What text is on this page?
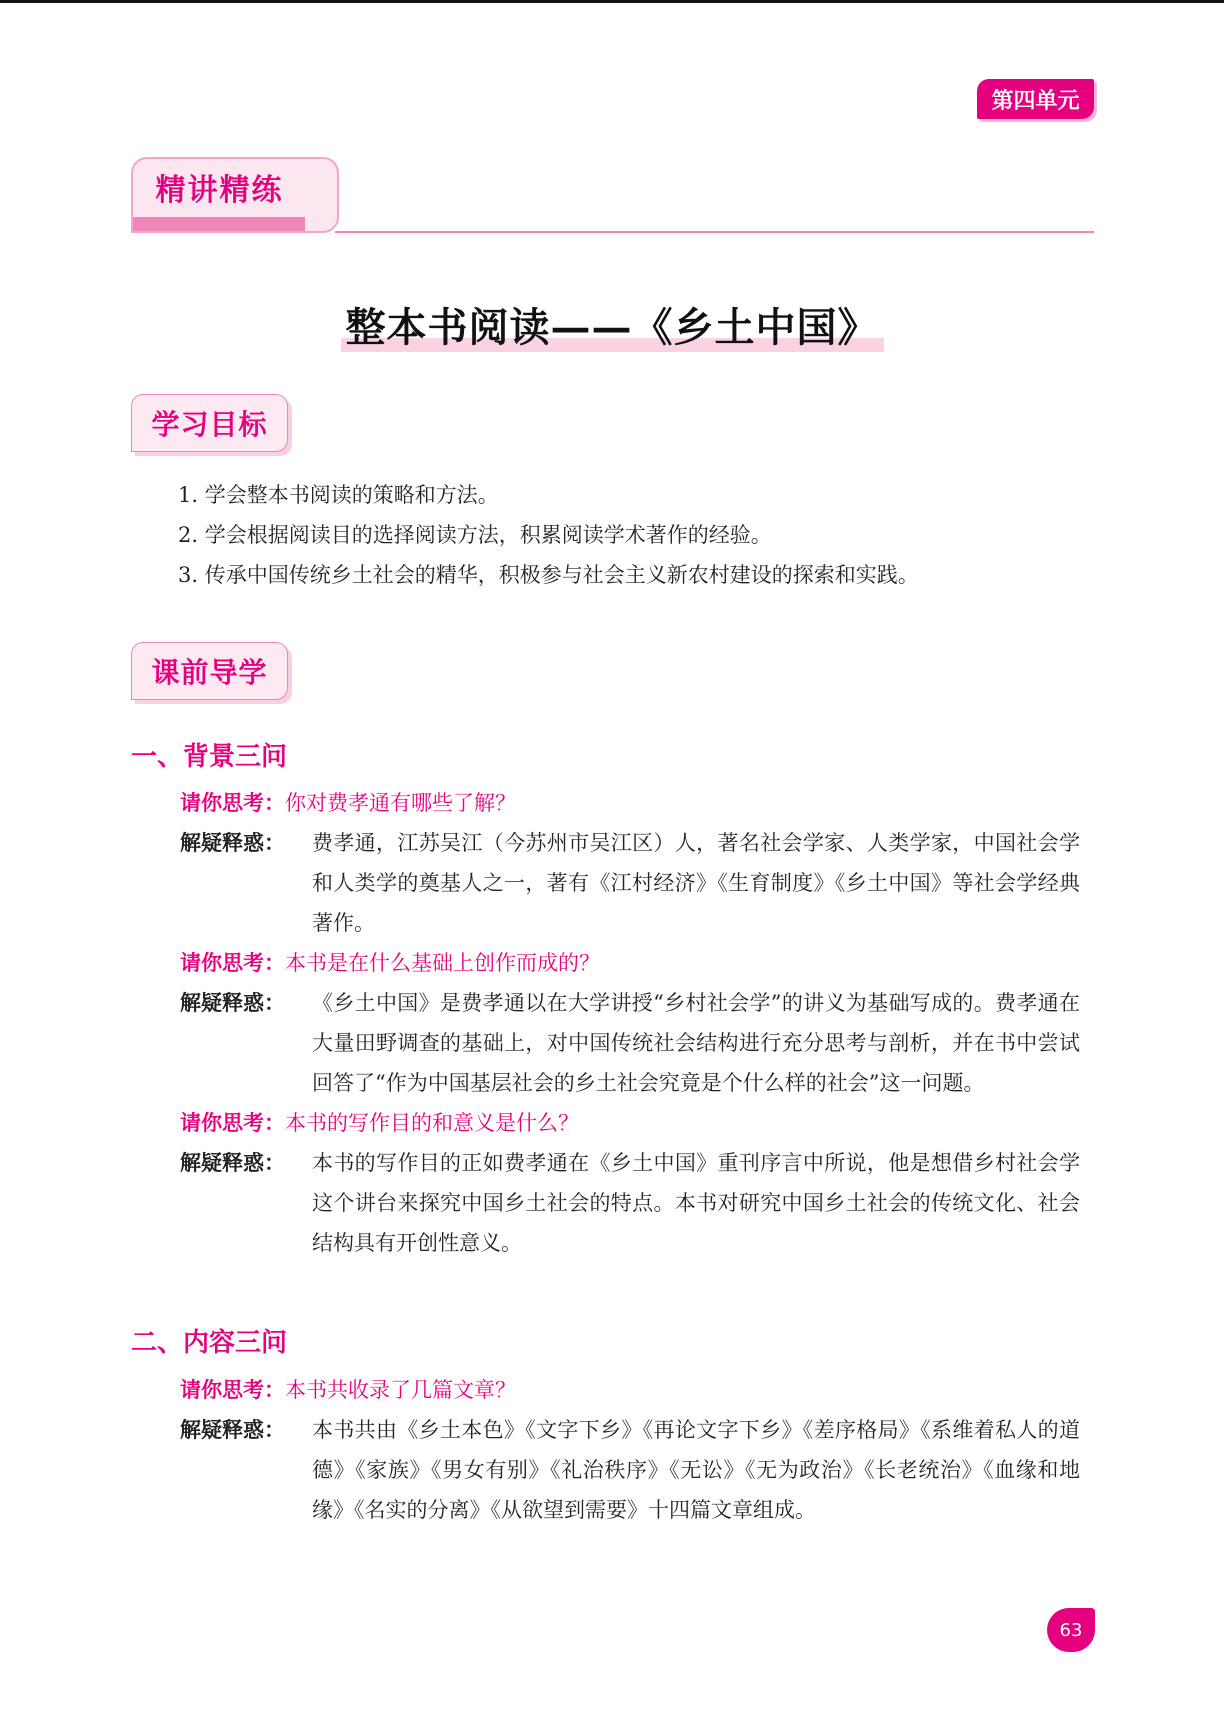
第四单元
精讲精练
整本书阅读——《乡土中国》
学习目标
1. 学会整本书阅读的策略和方法。
2. 学会根据阅读目的选择阅读方法，积累阅读学术著作的经验。
3. 传承中国传统乡土社会的精华，积极参与社会主义新农村建设的探索和实践。
课前导学
一、背景三问
请你思考：你对费孝通有哪些了解？
解疑释惑： 费孝通，江苏吴江（今苏州市吴江区）人，著名社会学家、人类学家，中国社会学和人类学的奠基人之一，著有《江村经济》《生育制度》《乡土中国》等社会学经典著作。
请你思考：本书是在什么基础上创作而成的？
解疑释惑： 《乡土中国》是费孝通以在大学讲授“乡村社会学”的讲义为基础写成的。费孝通在大量田野调查的基础上，对中国传统社会结构进行充分思考与剖析，并在书中尝试回答了“作为中国基层社会的乡土社会究竟是个什么样的社会”这一问题。
请你思考：本书的写作目的和意义是什么？
解疑释惑： 本书的写作目的正如费孝通在《乡土中国》重刊序言中所说，他是想借乡村社会学这个讲台来探究中国乡土社会的特点。本书对研究中国乡土社会的传统文化、社会结构具有开创性意义。
二、内容三问
请你思考：本书共收录了几篇文章？
解疑释惑： 本书共由《乡土本色》《文字下乡》《再论文字下乡》《差序格局》《系维着私人的道德》《家族》《男女有别》《礼治秩序》《无讼》《无为政治》《长老统治》《血缘和地缘》《名实的分离》《从欲望到需要》十四篇文章组成。
63
